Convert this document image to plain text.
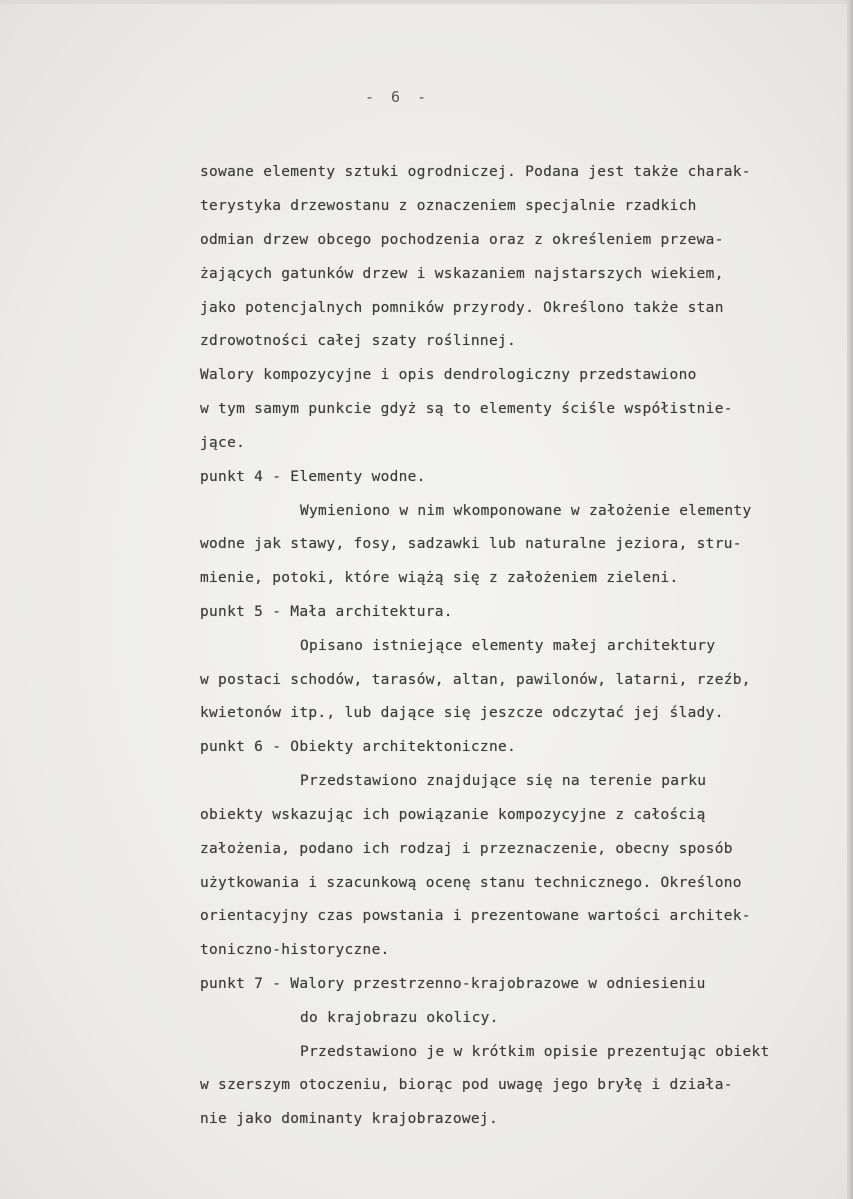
- 6 -
sowane elementy sztuki ogrodniczej. Podana jest także charak-
terystyka drzewostanu z oznaczeniem specjalnie rzadkich
odmian drzew obcego pochodzenia oraz z określeniem przewa-
żających gatunków drzew i wskazaniem najstarszych wiekiem,
jako potencjalnych pomników przyrody. Określono także stan
zdrowotności całej szaty roślinnej.
Walory kompozycyjne i opis dendrologiczny przedstawiono
w tym samym punkcie gdyż są to elementy ściśle współistnie-
jące.
punkt 4 - Elementy wodne.
Wymieniono w nim wkomponowane w założenie elementy
wodne jak stawy, fosy, sadzawki lub naturalne jeziora, stru-
mienie, potoki, które wiążą się z założeniem zieleni.
punkt 5 - Mała architektura.
Opisano istniejące elementy małej architektury
w postaci schodów, tarasów, altan, pawilonów, latarni, rzeźb,
kwietonów itp., lub dające się jeszcze odczytać jej ślady.
punkt 6 - Obiekty architektoniczne.
Przedstawiono znajdujące się na terenie parku
obiekty wskazując ich powiązanie kompozycyjne z całością
założenia, podano ich rodzaj i przeznaczenie, obecny sposób
użytkowania i szacunkową ocenę stanu technicznego. Określono
orientacyjny czas powstania i prezentowane wartości architek-
toniczno-historyczne.
punkt 7 - Walory przestrzenno-krajobrazowe w odniesieniu
do krajobrazu okolicy.
Przedstawiono je w krótkim opisie prezentując obiekt
w szerszym otoczeniu, biorąc pod uwagę jego bryłę i działa-
nie jako dominanty krajobrazowej.
